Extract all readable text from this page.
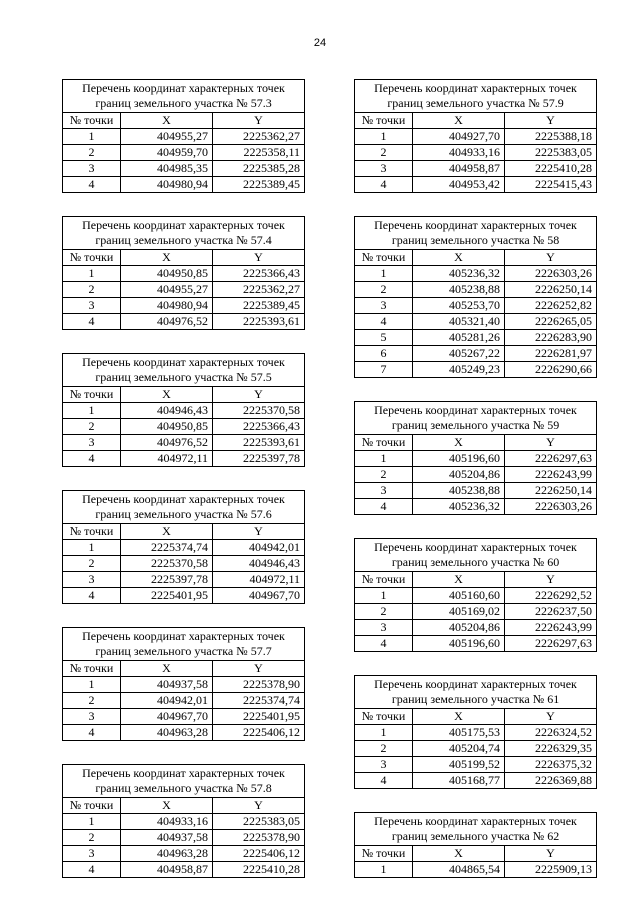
24
Перечень координат характерных точек границ земельного участка № 57.3		
№ точки	X	Y
1	404955,27	2225362,27
2	404959,70	2225358,11
3	404985,35	2225385,28
4	404980,94	2225389,45
Перечень координат характерных точек границ земельного участка № 57.4		
№ точки	X	Y
1	404950,85	2225366,43
2	404955,27	2225362,27
3	404980,94	2225389,45
4	404976,52	2225393,61
Перечень координат характерных точек границ земельного участка № 57.5		
№ точки	X	Y
1	404946,43	2225370,58
2	404950,85	2225366,43
3	404976,52	2225393,61
4	404972,11	2225397,78
Перечень координат характерных точек границ земельного участка № 57.6		
№ точки	X	Y
1	2225374,74	404942,01
2	2225370,58	404946,43
3	2225397,78	404972,11
4	2225401,95	404967,70
Перечень координат характерных точек границ земельного участка № 57.7		
№ точки	X	Y
1	404937,58	2225378,90
2	404942,01	2225374,74
3	404967,70	2225401,95
4	404963,28	2225406,12
Перечень координат характерных точек границ земельного участка № 57.8		
№ точки	X	Y
1	404933,16	2225383,05
2	404937,58	2225378,90
3	404963,28	2225406,12
4	404958,87	2225410,28
Перечень координат характерных точек границ земельного участка № 57.9		
№ точки	X	Y
1	404927,70	2225388,18
2	404933,16	2225383,05
3	404958,87	2225410,28
4	404953,42	2225415,43
Перечень координат характерных точек границ земельного участка № 58		
№ точки	X	Y
1	405236,32	2226303,26
2	405238,88	2226250,14
3	405253,70	2226252,82
4	405321,40	2226265,05
5	405281,26	2226283,90
6	405267,22	2226281,97
7	405249,23	2226290,66
Перечень координат характерных точек границ земельного участка № 59		
№ точки	X	Y
1	405196,60	2226297,63
2	405204,86	2226243,99
3	405238,88	2226250,14
4	405236,32	2226303,26
Перечень координат характерных точек границ земельного участка № 60		
№ точки	X	Y
1	405160,60	2226292,52
2	405169,02	2226237,50
3	405204,86	2226243,99
4	405196,60	2226297,63
Перечень координат характерных точек границ земельного участка № 61		
№ точки	X	Y
1	405175,53	2226324,52
2	405204,74	2226329,35
3	405199,52	2226375,32
4	405168,77	2226369,88
Перечень координат характерных точек границ земельного участка № 62		
№ точки	X	Y
1	404865,54	2225909,13
